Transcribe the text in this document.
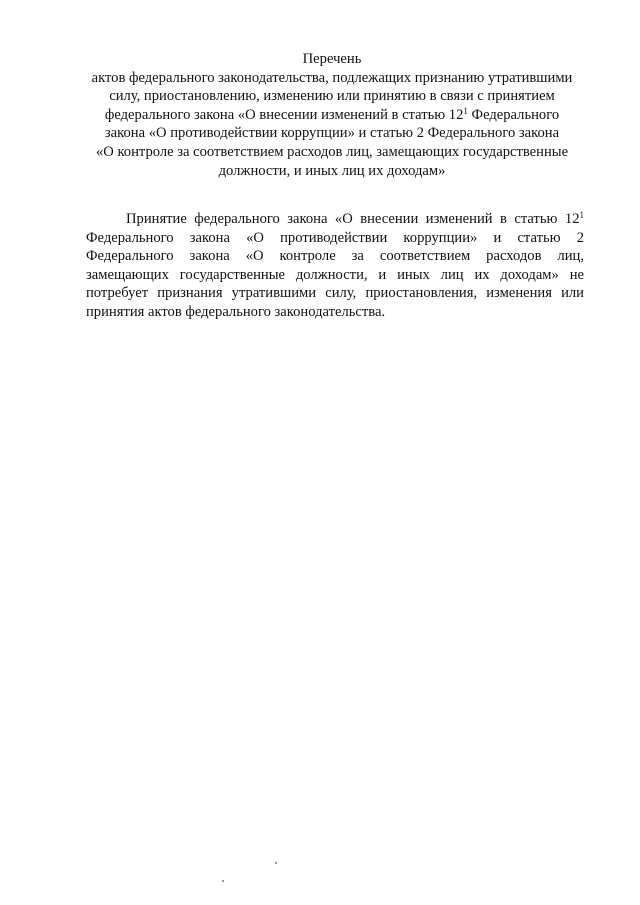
Перечень
актов федерального законодательства, подлежащих признанию утратившими
силу, приостановлению, изменению или принятию в связи с принятием
федерального закона «О внесении изменений в статью $12^1$ Федерального
закона «О противодействии коррупции» и статью 2 Федерального закона
«О контроле за соответствием расходов лиц, замещающих государственные
должности, и иных лиц их доходам»
Принятие федерального закона «О внесении изменений в статью $12^1$
Федерального закона «О противодействии коррупции» и статью 2
Федерального закона «О контроле за соответствием расходов лиц,
замещающих государственные должности, и иных лиц их доходам» не
потребует признания утратившими силу, приостановления, изменения или
принятия актов федерального законодательства.
